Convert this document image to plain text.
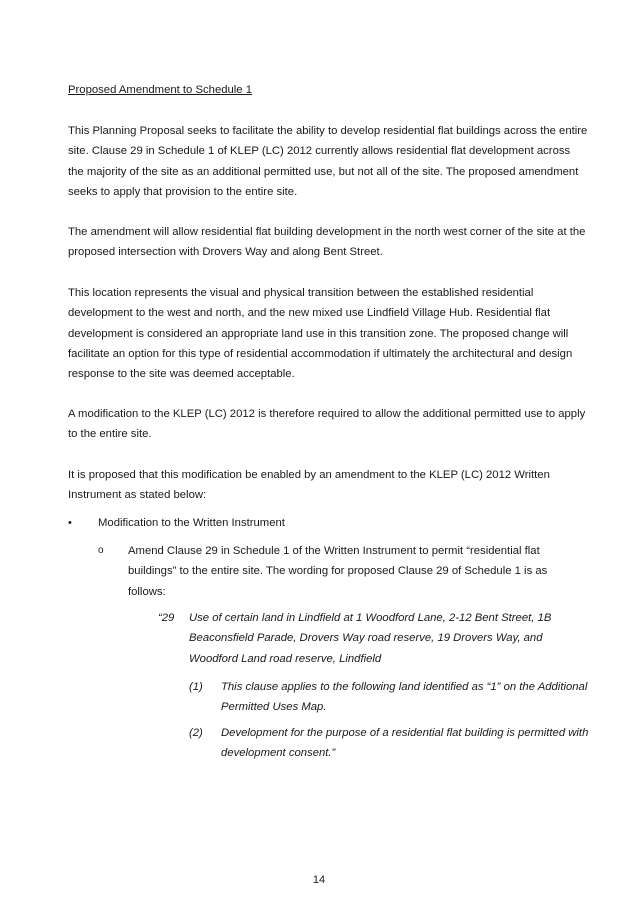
Proposed Amendment to Schedule 1

This Planning Proposal seeks to facilitate the ability to develop residential flat buildings across the entire site. Clause 29 in Schedule 1 of KLEP (LC) 2012 currently allows residential flat development across the majority of the site as an additional permitted use, but not all of the site. The proposed amendment seeks to apply that provision to the entire site.

The amendment will allow residential flat building development in the north west corner of the site at the proposed intersection with Drovers Way and along Bent Street.

This location represents the visual and physical transition between the established residential development to the west and north, and the new mixed use Lindfield Village Hub. Residential flat development is considered an appropriate land use in this transition zone. The proposed change will facilitate an option for this type of residential accommodation if ultimately the architectural and design response to the site was deemed acceptable.

A modification to the KLEP (LC) 2012 is therefore required to allow the additional permitted use to apply to the entire site.

It is proposed that this modification be enabled by an amendment to the KLEP (LC) 2012 Written Instrument as stated below:

•	Modification to the Written Instrument
o	Amend Clause 29 in Schedule 1 of the Written Instrument to permit “residential flat buildings” to the entire site. The wording for proposed Clause 29 of Schedule 1 is as follows:
“29 Use of certain land in Lindfield at 1 Woodford Lane, 2-12 Bent Street, 1B Beaconsfield Parade, Drovers Way road reserve, 19 Drovers Way, and Woodford Land road reserve, Lindfield
(1) This clause applies to the following land identified as “1” on the Additional Permitted Uses Map.
(2) Development for the purpose of a residential flat building is permitted with development consent.”
14
